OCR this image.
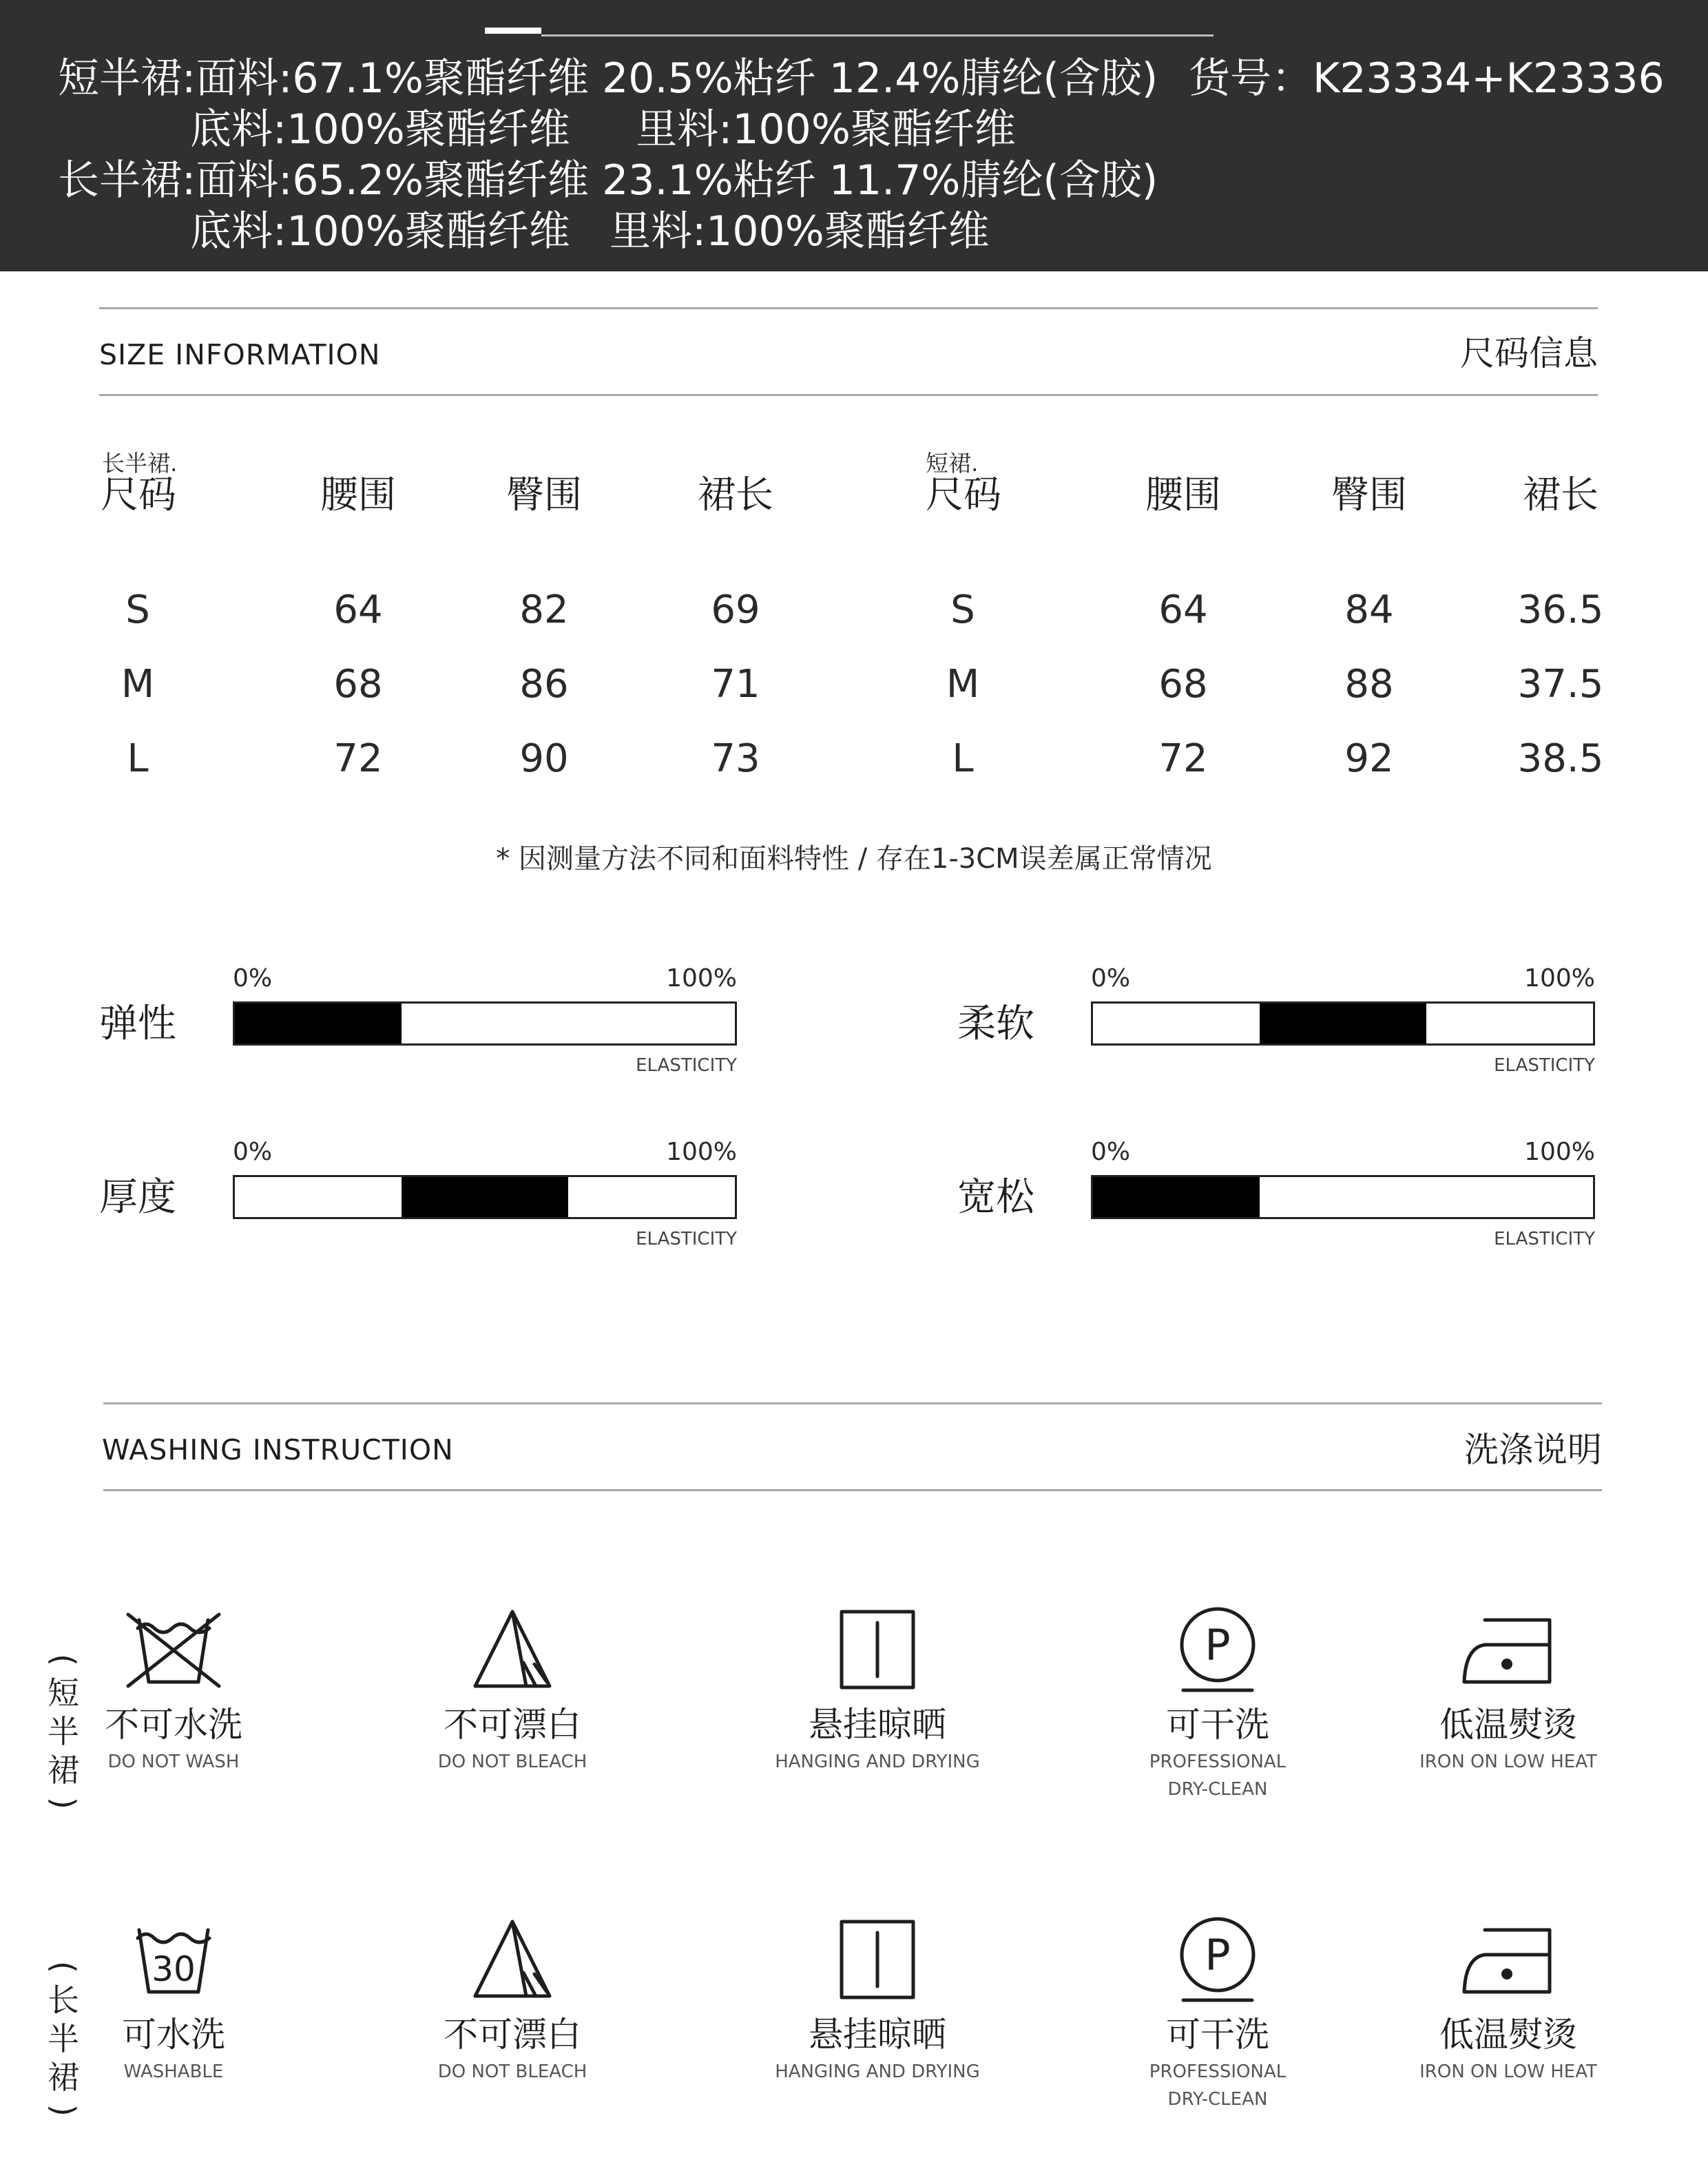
短半裙:面料:67.1%聚酯纤维 20.5%粘纤 12.4%腈纶(含胶) 货号：K23334+K23336
底料:100%聚酯纤维     里料:100%聚酯纤维
长半裙:面料:65.2%聚酯纤维 23.1%粘纤 11.7%腈纶(含胶)
底料:100%聚酯纤维   里料:100%聚酯纤维
SIZE INFORMATION	尺码信息
长半裙.	短裙.
尺码	腰围	臀围	裙长
S	64	82	69
M	68	86	71
L	72	90	73
尺码	腰围	臀围	裙长
S	64	84	36.5
M	68	88	37.5
L	72	92	38.5
* 因测量方法不同和面料特性 / 存在1-3CM误差属正常情况
弹性
0%	100%
ELASTICITY
柔软
0%	100%
ELASTICITY
厚度
0%	100%
ELASTICITY
宽松
0%	100%
ELASTICITY
WASHING INSTRUCTION	洗涤说明
(
短
半
裙
)
(
长
半
裙
)
不可水洗
DO NOT WASH
不可漂白
DO NOT BLEACH
悬挂晾晒
HANGING AND DRYING
P
可干洗
PROFESSIONAL
DRY-CLEAN
低温熨烫
IRON ON LOW HEAT
30
可水洗
WASHABLE
不可漂白
DO NOT BLEACH
悬挂晾晒
HANGING AND DRYING
P
可干洗
PROFESSIONAL
DRY-CLEAN
低温熨烫
IRON ON LOW HEAT
